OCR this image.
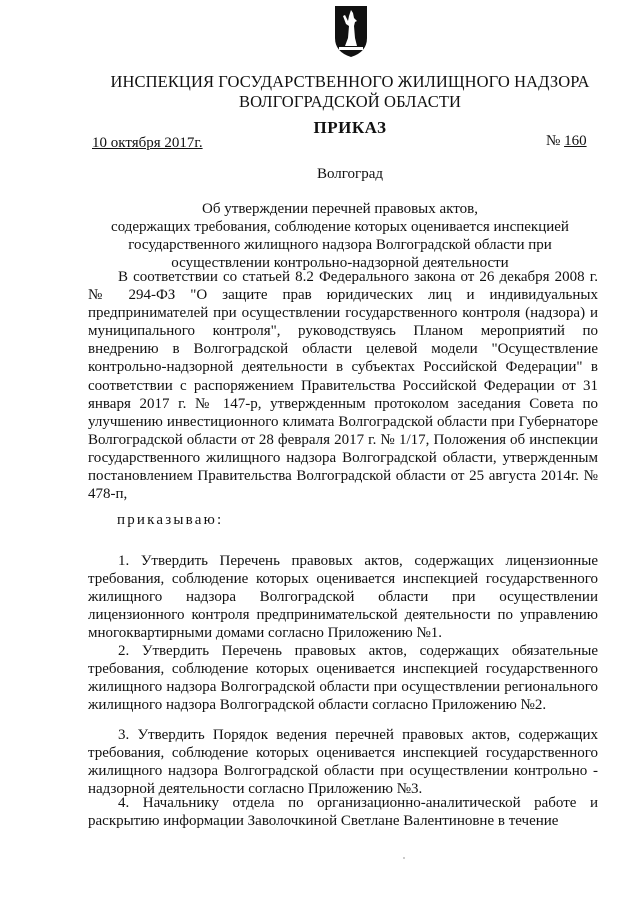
ИНСПЕКЦИЯ ГОСУДАРСТВЕННОГО ЖИЛИЩНОГО НАДЗОРА
ВОЛГОГРАДСКОЙ ОБЛАСТИ
ПРИКАЗ
10 октября 2017г.	№ 160
Волгоград
Об утверждении перечней правовых актов,
содержащих требования, соблюдение которых оценивается инспекцией
государственного жилищного надзора Волгоградской области при
осуществлении контрольно-надзорной деятельности
В соответствии со статьей 8.2 Федерального закона от 26 декабря 2008 г. № 294-ФЗ "О защите прав юридических лиц и индивидуальных предпринимателей при осуществлении государственного контроля (надзора) и муниципального контроля", руководствуясь Планом мероприятий по внедрению в Волгоградской области целевой модели "Осуществление контрольно-надзорной деятельности в субъектах Российской Федерации" в соответствии с распоряжением Правительства Российской Федерации от 31 января 2017 г. № 147-р, утвержденным протоколом заседания Совета по улучшению инвестиционного климата Волгоградской области при Губернаторе Волгоградской области от 28 февраля 2017 г. № 1/17, Положения об инспекции государственного жилищного надзора Волгоградской области, утвержденным постановлением Правительства Волгоградской области от 25 августа 2014г. № 478-п,
приказываю:
1. Утвердить Перечень правовых актов, содержащих лицензионные требования, соблюдение которых оценивается инспекцией государственного жилищного надзора Волгоградской области при осуществлении лицензионного контроля предпринимательской деятельности по управлению многоквартирными домами согласно Приложению №1.
2. Утвердить Перечень правовых актов, содержащих обязательные требования, соблюдение которых оценивается инспекцией государственного жилищного надзора Волгоградской области при осуществлении регионального жилищного надзора Волгоградской области согласно Приложению №2.
3. Утвердить Порядок ведения перечней правовых актов, содержащих требования, соблюдение которых оценивается инспекцией государственного жилищного надзора Волгоградской области при осуществлении контрольно - надзорной деятельности согласно Приложению №3.
4. Начальнику отдела по организационно-аналитической работе и раскрытию информации Заволочкиной Светлане Валентиновне в течение
